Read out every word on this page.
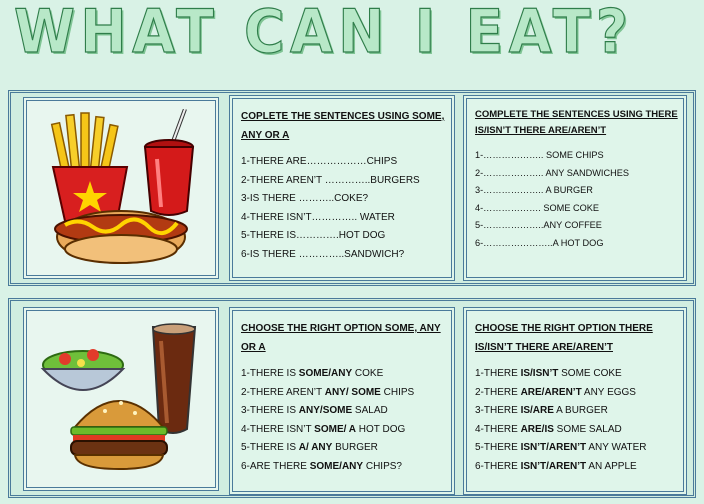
WHAT CAN I EAT?
COPLETE THE SENTENCES USING SOME, ANY OR A
1-THERE ARE………………CHIPS
2-THERE AREN’T …………..BURGERS
3-IS THERE ………..COKE?
4-THERE ISN’T………….. WATER
5-THERE IS………….HOT DOG
6-IS THERE …………..SANDWICH?
COMPLETE THE SENTENCES USING THERE IS/ISN’T THERE ARE/AREN’T
1-……………….. SOME CHIPS
2-……………….. ANY SANDWICHES
3-……………….. A BURGER
4-………………. SOME COKE
5-………………..ANY COFFEE
6-…………………..A HOT DOG
CHOOSE THE RIGHT OPTION SOME, ANY OR A
1-THERE IS SOME/ANY COKE
2-THERE AREN’T ANY/ SOME CHIPS
3-THERE IS ANY/SOME SALAD
4-THERE ISN’T SOME/ A HOT DOG
5-THERE IS A/ ANY BURGER
6-ARE THERE SOME/ANY CHIPS?
CHOOSE THE RIGHT OPTION THERE IS/ISN’T THERE ARE/AREN’T
1-THERE IS/ISN’T SOME COKE
2-THERE ARE/AREN’T ANY EGGS
3-THERE IS/ARE A BURGER
4-THERE ARE/IS SOME SALAD
5-THERE ISN’T/AREN’T ANY WATER
6-THERE ISN’T/AREN’T AN APPLE
